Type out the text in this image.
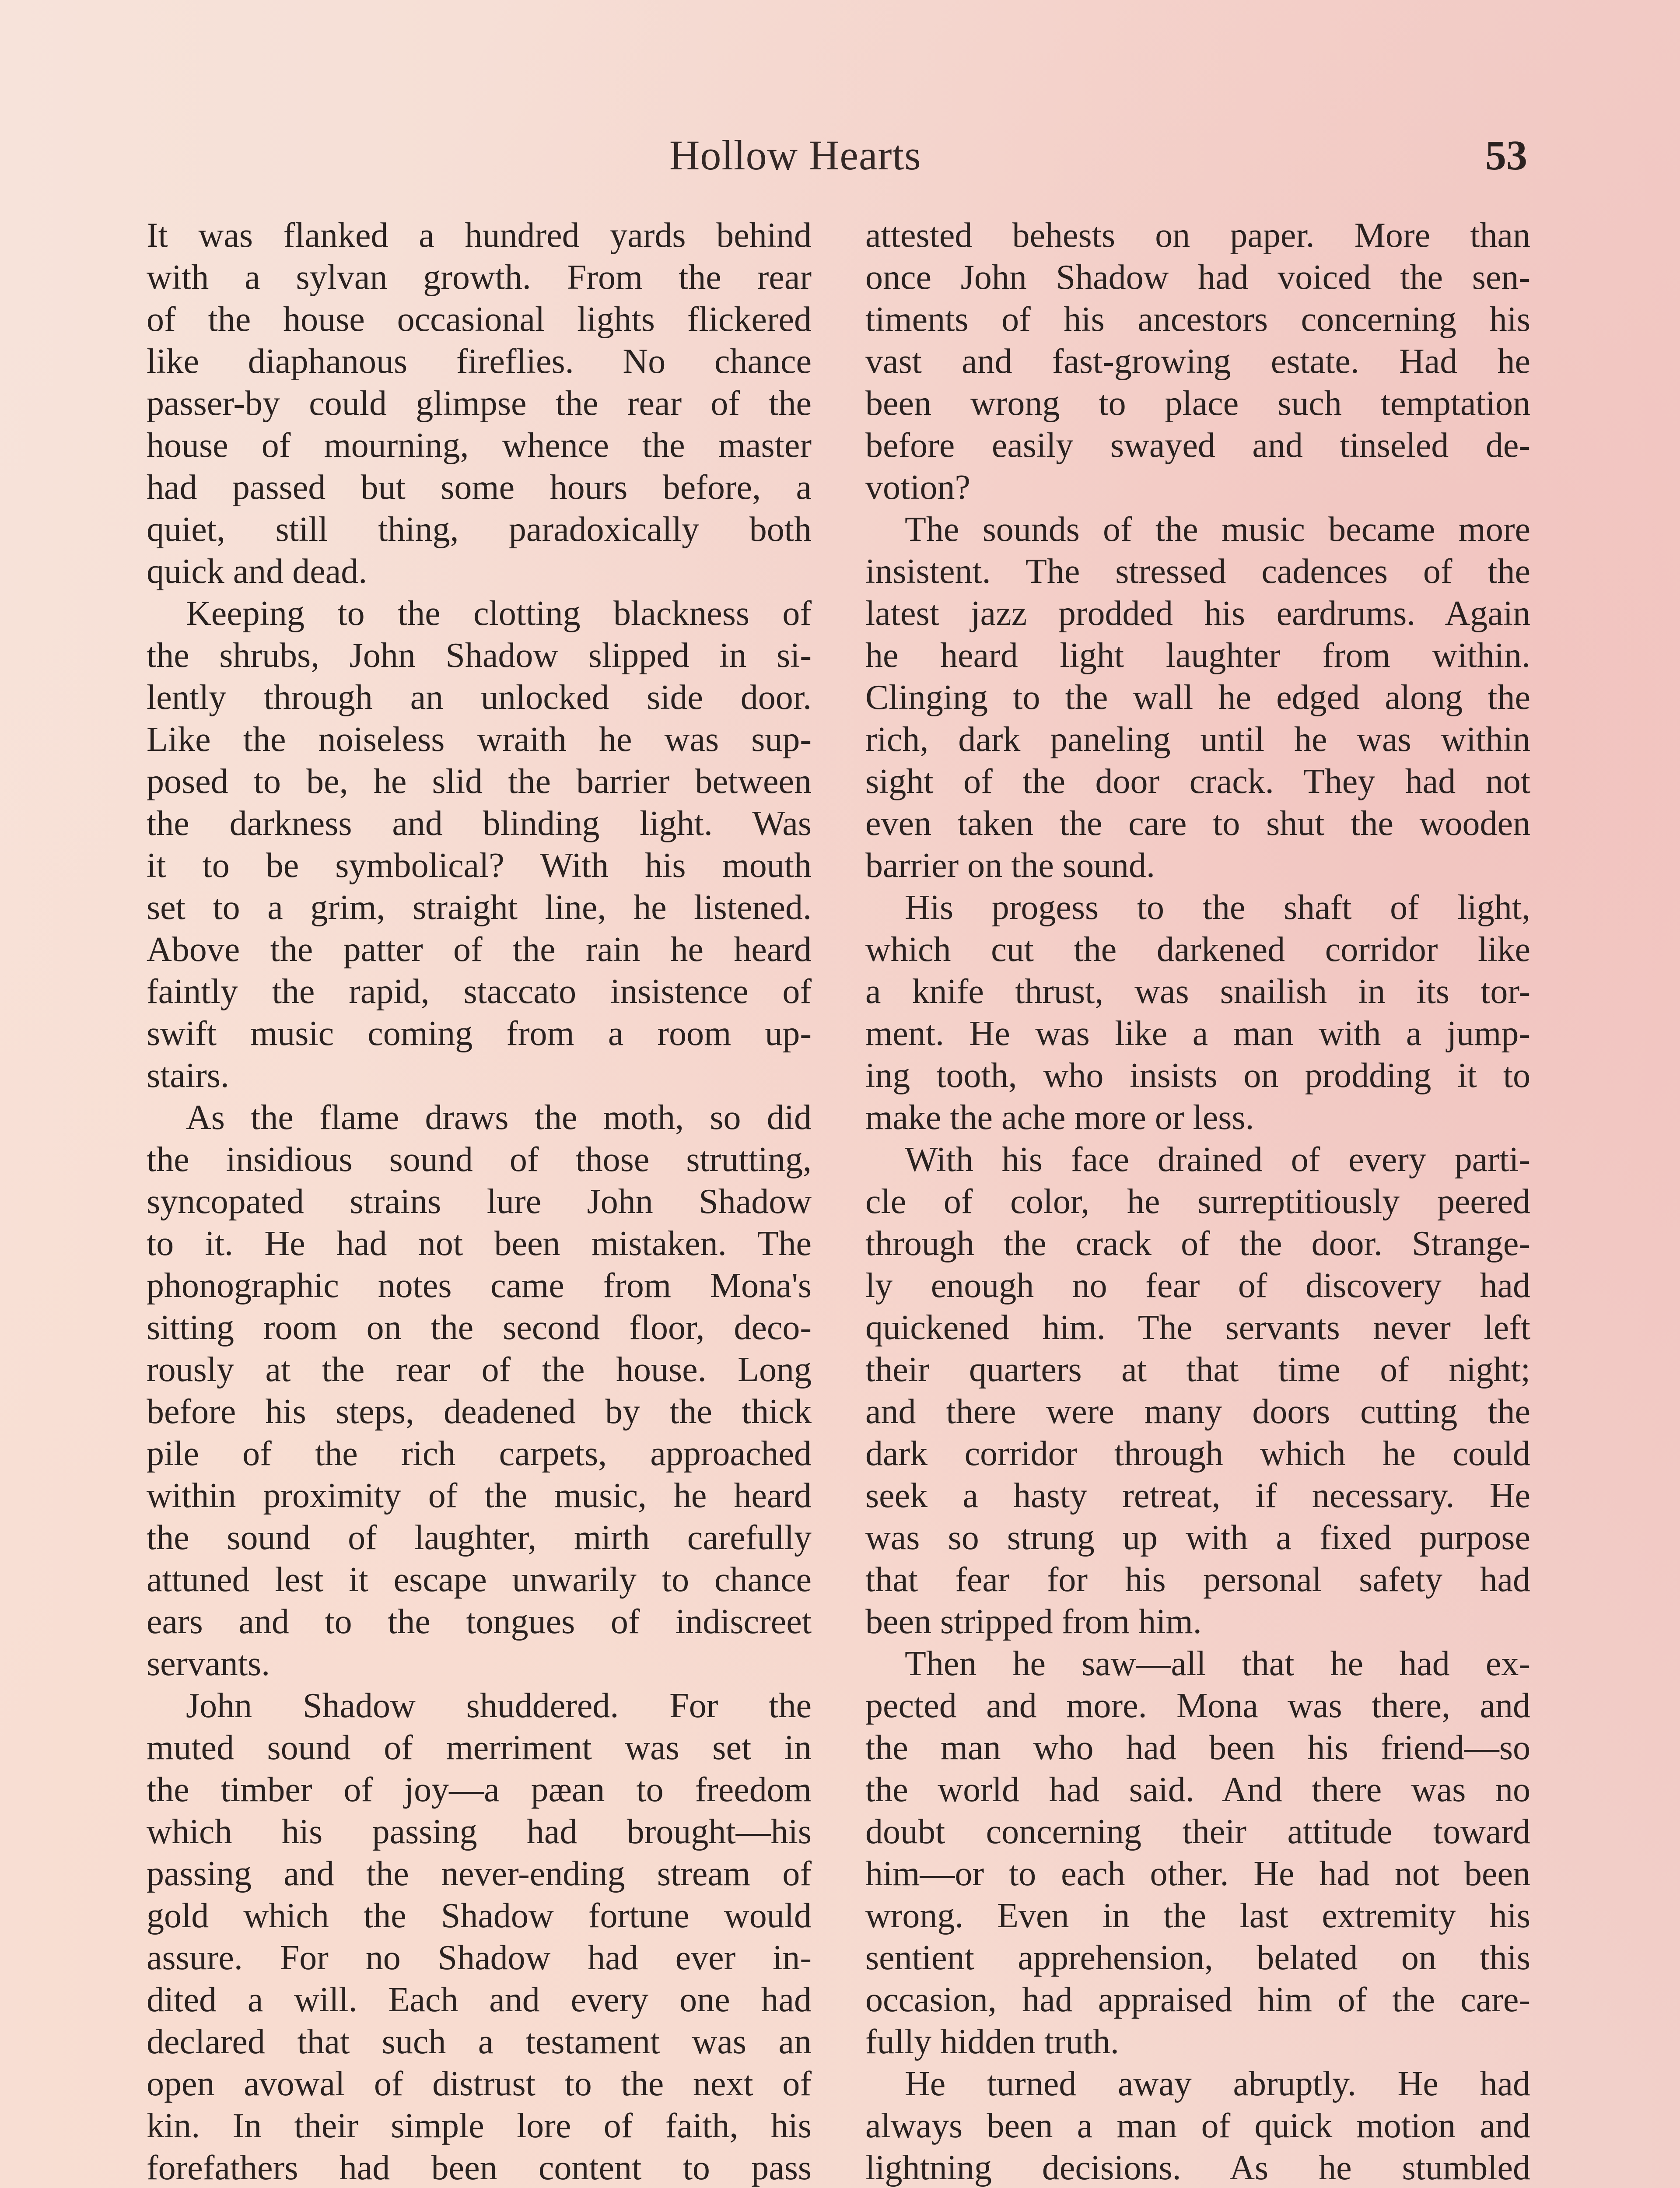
Hollow Hearts	53
It was flanked a hundred yards behind
with a sylvan growth. From the rear
of the house occasional lights flickered
like diaphanous fireflies. No chance
passer-by could glimpse the rear of the
house of mourning, whence the master
had passed but some hours before, a
quiet, still thing, paradoxically both
quick and dead.
Keeping to the clotting blackness of
the shrubs, John Shadow slipped in si-
lently through an unlocked side door.
Like the noiseless wraith he was sup-
posed to be, he slid the barrier between
the darkness and blinding light. Was
it to be symbolical? With his mouth
set to a grim, straight line, he listened.
Above the patter of the rain he heard
faintly the rapid, staccato insistence of
swift music coming from a room up-
stairs.
As the flame draws the moth, so did
the insidious sound of those strutting,
syncopated strains lure John Shadow
to it. He had not been mistaken. The
phonographic notes came from Mona's
sitting room on the second floor, deco-
rously at the rear of the house. Long
before his steps, deadened by the thick
pile of the rich carpets, approached
within proximity of the music, he heard
the sound of laughter, mirth carefully
attuned lest it escape unwarily to chance
ears and to the tongues of indiscreet
servants.
John Shadow shuddered. For the
muted sound of merriment was set in
the timber of joy—a pæan to freedom
which his passing had brought—his
passing and the never-ending stream of
gold which the Shadow fortune would
assure. For no Shadow had ever in-
dited a will. Each and every one had
declared that such a testament was an
open avowal of distrust to the next of
kin. In their simple lore of faith, his
forefathers had been content to pass
attested behests on paper. More than
once John Shadow had voiced the sen-
timents of his ancestors concerning his
vast and fast-growing estate. Had he
been wrong to place such temptation
before easily swayed and tinseled de-
votion?
The sounds of the music became more
insistent. The stressed cadences of the
latest jazz prodded his eardrums. Again
he heard light laughter from within.
Clinging to the wall he edged along the
rich, dark paneling until he was within
sight of the door crack. They had not
even taken the care to shut the wooden
barrier on the sound.
His progess to the shaft of light,
which cut the darkened corridor like
a knife thrust, was snailish in its tor-
ment. He was like a man with a jump-
ing tooth, who insists on prodding it to
make the ache more or less.
With his face drained of every parti-
cle of color, he surreptitiously peered
through the crack of the door. Strange-
ly enough no fear of discovery had
quickened him. The servants never left
their quarters at that time of night;
and there were many doors cutting the
dark corridor through which he could
seek a hasty retreat, if necessary. He
was so strung up with a fixed purpose
that fear for his personal safety had
been stripped from him.
Then he saw—all that he had ex-
pected and more. Mona was there, and
the man who had been his friend—so
the world had said. And there was no
doubt concerning their attitude toward
him—or to each other. He had not been
wrong. Even in the last extremity his
sentient apprehension, belated on this
occasion, had appraised him of the care-
fully hidden truth.
He turned away abruptly. He had
always been a man of quick motion and
lightning decisions. As he stumbled
